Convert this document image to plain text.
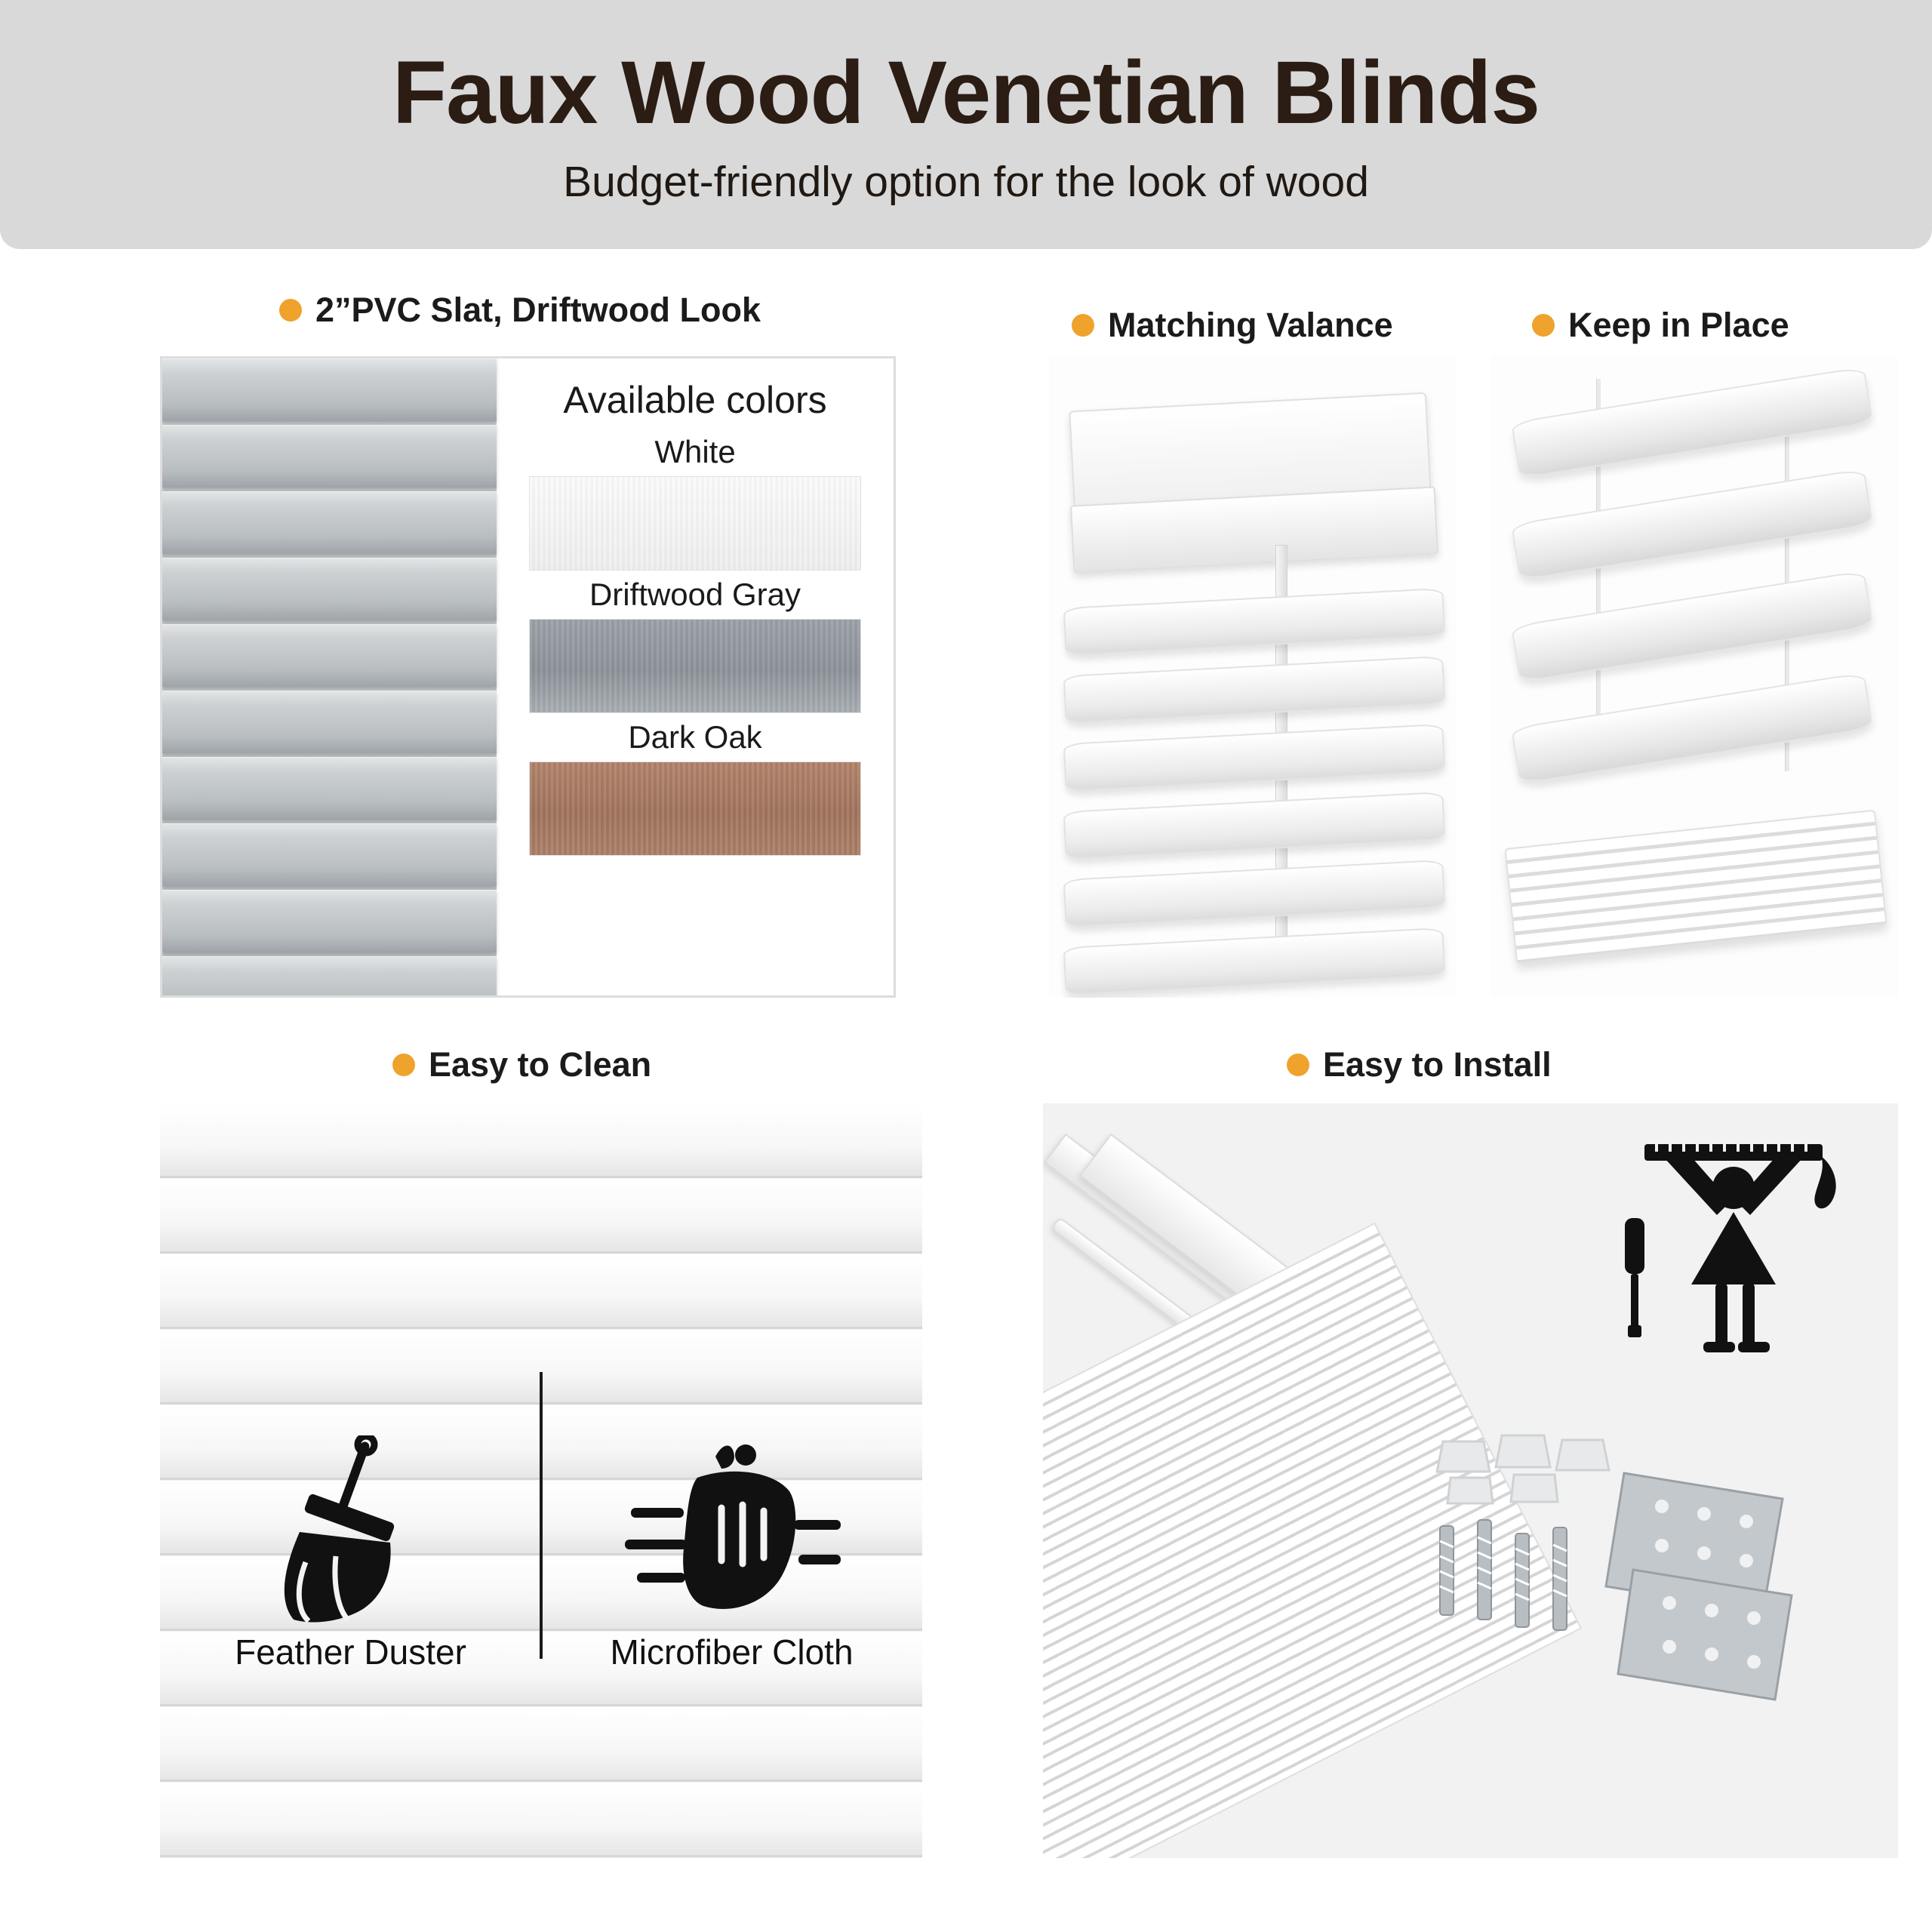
Faux Wood Venetian Blinds
Budget-friendly option for the look of wood
2”PVC Slat, Driftwood Look	Matching Valance	Keep in Place
Easy to Clean	Easy to Install
Available colors
White
Driftwood Gray
Dark Oak
Feather Duster	Microfiber Cloth
